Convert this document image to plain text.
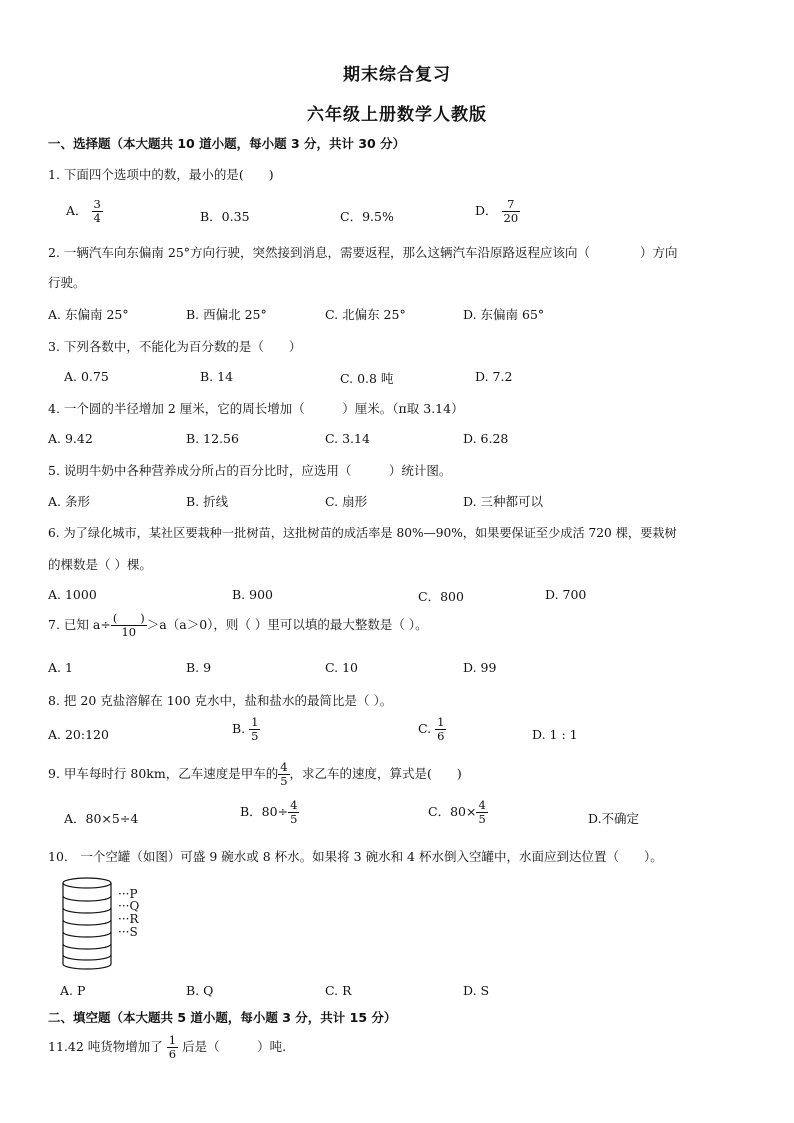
期末综合复习
六年级上册数学人教版
一、选择题（本大题共 10 道小题，每小题 3 分，共计 30 分）
1. 下面四个选项中的数，最小的是(　　)
A． $\frac{3}{4}$	B．0.35	C．9.5%	D． $\frac{7}{20}$
2. 一辆汽车向东偏南 25°方向行驶，突然接到消息，需要返程，那么这辆汽车沿原路返程应该向（　　　　）方向
行驶。
A. 东偏南 25°	B. 西偏北 25°	C. 北偏东 25°	D. 东偏南 65°
3. 下列各数中，不能化为百分数的是（　　）
A. 0.75	B. 14	C. 0.8 吨	D. 7.2
4. 一个圆的半径增加 2 厘米，它的周长增加（　　　）厘米。（π取 3.14）
A. 9.42	B. 12.56	C. 3.14	D. 6.28
5. 说明牛奶中各种营养成分所占的百分比时，应选用（　　　）统计图。
A. 条形	B. 折线	C. 扇形	D. 三种都可以
6. 为了绿化城市，某社区要栽种一批树苗，这批树苗的成活率是 80%—90%，如果要保证至少成活 720 棵，要栽树
的棵数是（ ）棵。
A. 1000	B. 900	C．800	D. 700
7. 已知 $a\div \frac{( )}{10} >a(a>0)$，则（ ）里可以填的最大整数是（ ）。
A. 1	B. 9	C. 10	D. 99
8. 把 20 克盐溶解在 100 克水中，盐和盐水的最简比是（ ）。
A. 20:120	B. $\frac{1}{5}$	C. $\frac{1}{6}$	D. 1 : 1
9. 甲车每时行 80km，乙车速度是甲车的 $\frac{4}{5}$ ，求乙车的速度，算式是(　　)
A．80×5÷4	B．$80\div \frac{4}{5}$	C．$80\times \frac{4}{5}$	D.不确定
10.　一个空罐（如图）可盛 9 碗水或 8 杯水。如果将 3 碗水和 4 杯水倒入空罐中，水面应到达位置（　　）。
···P
···Q
···R
···S
A. P	B. Q	C. R	D. S
二、填空题（本大题共 5 道小题，每小题 3 分，共计 15 分）
11.42 吨货物增加了 $\frac{1}{6}$ 后是（　　　）吨.
